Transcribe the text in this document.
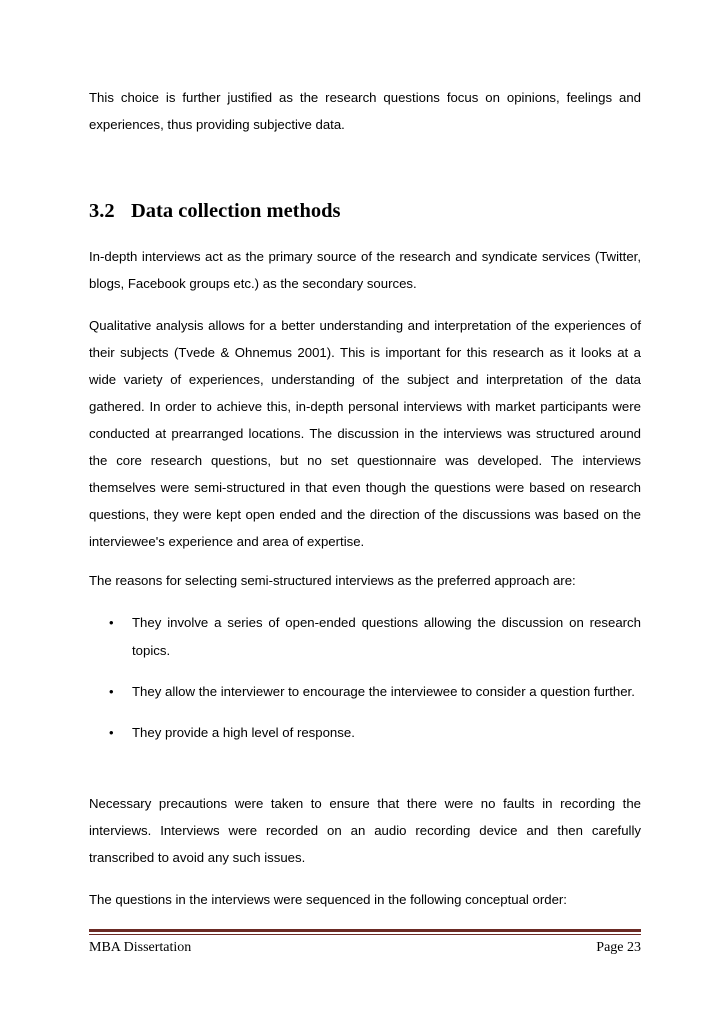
This choice is further justified as the research questions focus on opinions, feelings and experiences, thus providing subjective data.

3.2 Data collection methods

In-depth interviews act as the primary source of the research and syndicate services (Twitter, blogs, Facebook groups etc.) as the secondary sources.

Qualitative analysis allows for a better understanding and interpretation of the experiences of their subjects (Tvede & Ohnemus 2001). This is important for this research as it looks at a wide variety of experiences, understanding of the subject and interpretation of the data gathered. In order to achieve this, in-depth personal interviews with market participants were conducted at prearranged locations. The discussion in the interviews was structured around the core research questions, but no set questionnaire was developed. The interviews themselves were semi-structured in that even though the questions were based on research questions, they were kept open ended and the direction of the discussions was based on the interviewee's experience and area of expertise.

The reasons for selecting semi-structured interviews as the preferred approach are:

• They involve a series of open-ended questions allowing the discussion on research topics.
• They allow the interviewer to encourage the interviewee to consider a question further.
• They provide a high level of response.

Necessary precautions were taken to ensure that there were no faults in recording the interviews. Interviews were recorded on an audio recording device and then carefully transcribed to avoid any such issues.

The questions in the interviews were sequenced in the following conceptual order:

MBA Dissertation	Page 23
